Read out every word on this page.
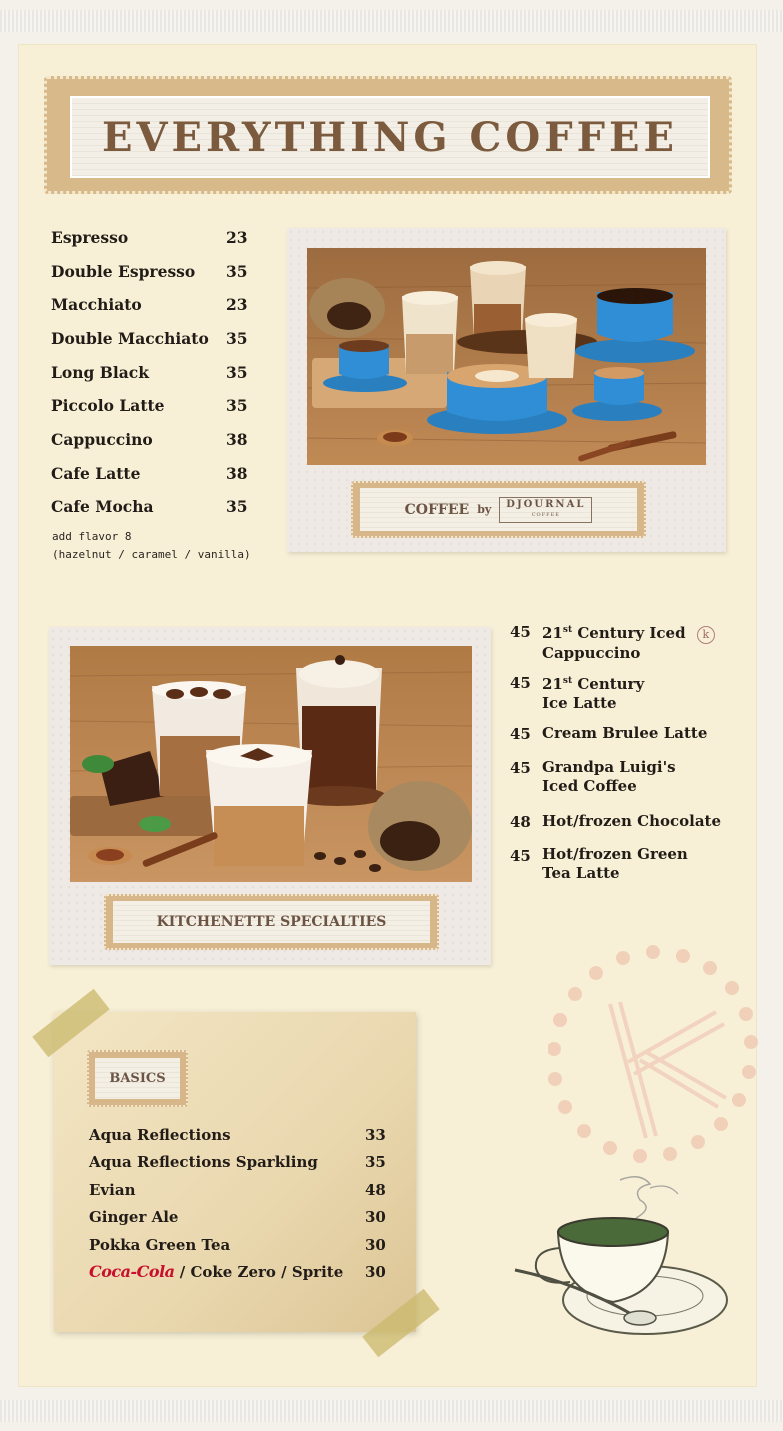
EVERYTHING COFFEE
Espresso	23
Double Espresso 35
Macchiato	23
Double Macchiato 35
Long Black	35
Piccolo Latte	35
Cappuccino	38
Cafe Latte	38
Cafe Mocha	35
add flavor 8
(hazelnut / caramel / vanilla)
COFFEE by DJOURNAL
COFFEE
KITCHENETTE SPECIALTIES
45 21st Century Iced k
Cappuccino
45 21st Century
Ice Latte
45 Cream Brulee Latte
45 Grandpa Luigi's
Iced Coffee
48 Hot/frozen Chocolate
45 Hot/frozen Green
Tea Latte
BASICS
Aqua Reflections	33
Aqua Reflections Sparkling	35
Evian	48
Ginger Ale	30
Pokka Green Tea	30
Coca-Cola / Coke Zero / Sprite 30
